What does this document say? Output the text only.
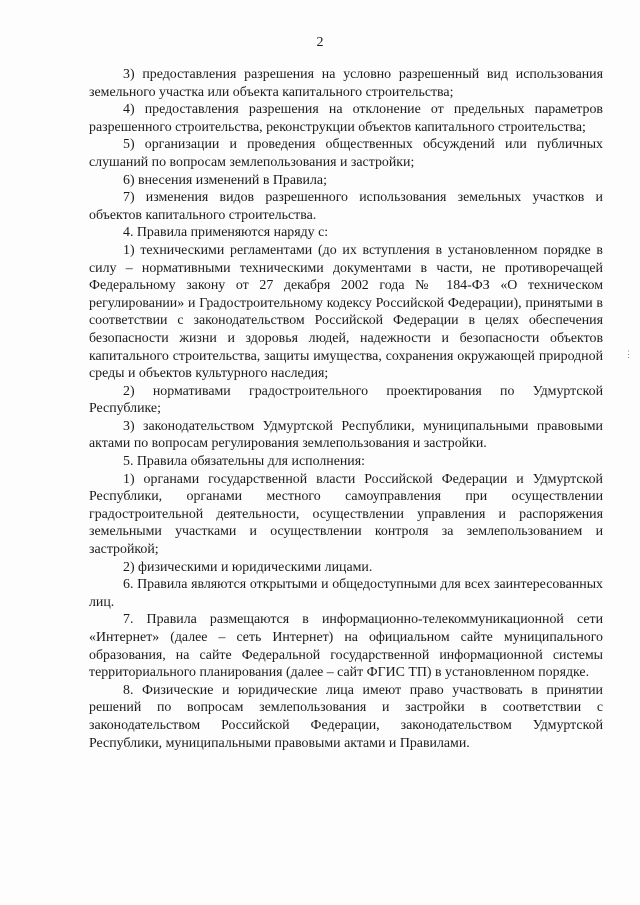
2

3) предоставления разрешения на условно разрешенный вид использования земельного участка или объекта капитального строительства;

4) предоставления разрешения на отклонение от предельных параметров разрешенного строительства, реконструкции объектов капитального строительства;

5) организации и проведения общественных обсуждений или публичных слушаний по вопросам землепользования и застройки;

6) внесения изменений в Правила;

7) изменения видов разрешенного использования земельных участков и объектов капитального строительства.

4. Правила применяются наряду с:

1) техническими регламентами (до их вступления в установленном порядке в силу – нормативными техническими документами в части, не противоречащей Федеральному закону от 27 декабря 2002 года № 184-ФЗ «О техническом регулировании» и Градостроительному кодексу Российской Федерации), принятыми в соответствии с законодательством Российской Федерации в целях обеспечения безопасности жизни и здоровья людей, надежности и безопасности объектов капитального строительства, защиты имущества, сохранения окружающей природной среды и объектов культурного наследия;

2) нормативами градостроительного проектирования по Удмуртской Республике;

3) законодательством Удмуртской Республики, муниципальными правовыми актами по вопросам регулирования землепользования и застройки.

5. Правила обязательны для исполнения:

1) органами государственной власти Российской Федерации и Удмуртской Республики, органами местного самоуправления при осуществлении градостроительной деятельности, осуществлении управления и распоряжения земельными участками и осуществлении контроля за землепользованием и застройкой;

2) физическими и юридическими лицами.

6. Правила являются открытыми и общедоступными для всех заинтересованных лиц.

7. Правила размещаются в информационно-телекоммуникационной сети «Интернет» (далее – сеть Интернет) на официальном сайте муниципального образования, на сайте Федеральной государственной информационной системы территориального планирования (далее – сайт ФГИС ТП) в установленном порядке.

8. Физические и юридические лица имеют право участвовать в принятии решений по вопросам землепользования и застройки в соответствии с законодательством Российской Федерации, законодательством Удмуртской Республики, муниципальными правовыми актами и Правилами.

⋮
